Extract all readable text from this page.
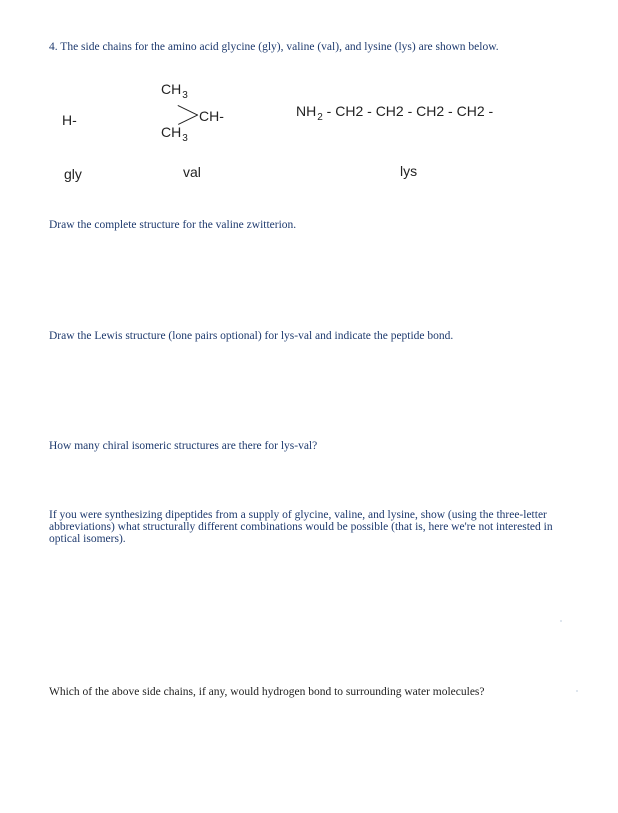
4. The side chains for the amino acid glycine (gly), valine (val), and lysine (lys) are shown below.
H-
gly
$CH_3$
CH-
$CH_3$
val
$NH_2 - CH2 - CH2 - CH2 - CH2$ -
lys
Draw the complete structure for the valine zwitterion.
Draw the Lewis structure (lone pairs optional) for lys-val and indicate the peptide bond.
How many chiral isomeric structures are there for lys-val?
If you were synthesizing dipeptides from a supply of glycine, valine, and lysine, show (using the three-letter abbreviations) what structurally different combinations would be possible (that is, here we're not interested in optical isomers).
Which of the above side chains, if any, would hydrogen bond to surrounding water molecules?
